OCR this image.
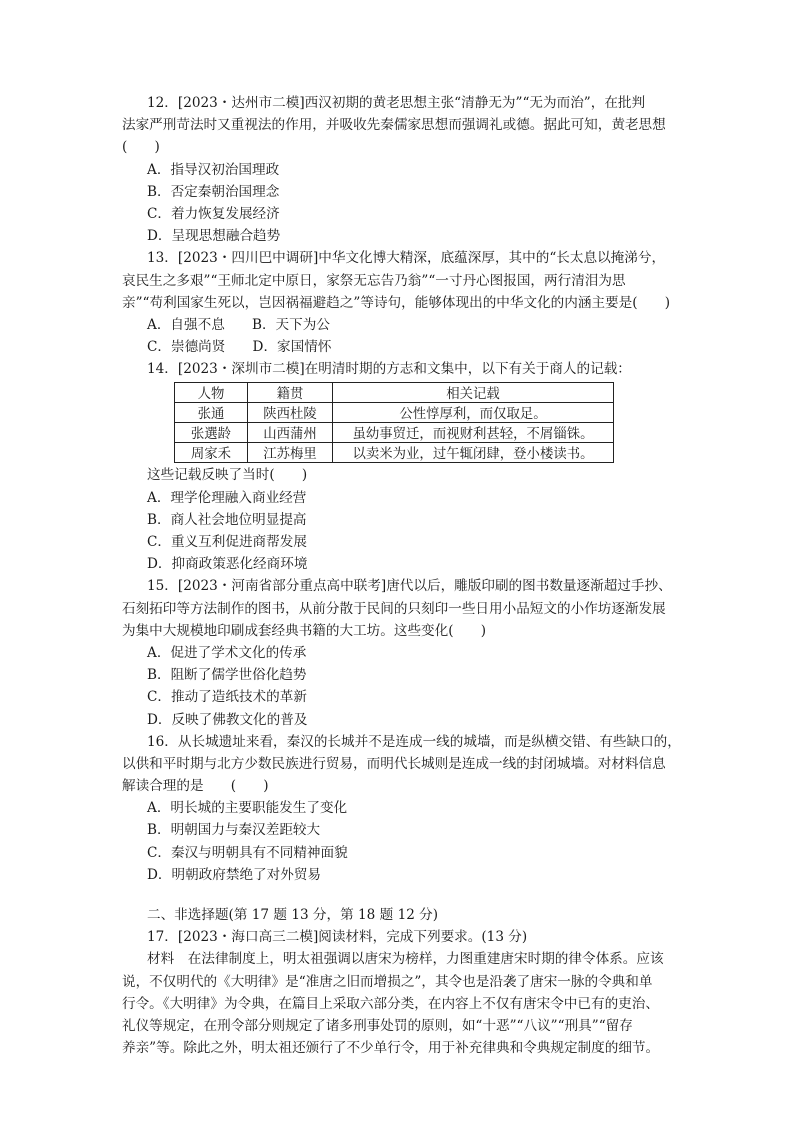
12．[2023・达州市二模]西汉初期的黄老思想主张“清静无为”“无为而治”，在批判
法家严刑苛法时又重视法的作用，并吸收先秦儒家思想而强调礼或德。据此可知，黄老思想
(　　)
A．指导汉初治国理政
B．否定秦朝治国理念
C．着力恢复发展经济
D．呈现思想融合趋势
13．[2023・四川巴中调研]中华文化博大精深，底蕴深厚，其中的“长太息以掩涕兮，
哀民生之多艰”“王师北定中原日，家祭无忘告乃翁”“一寸丹心图报国，两行清泪为思
亲”“苟利国家生死以，岂因祸福避趋之”等诗句，能够体现出的中华文化的内涵主要是(　　)
A．自强不息　　B．天下为公
C．崇德尚贤　　D．家国情怀
14．[2023・深圳市二模]在明清时期的方志和文集中，以下有关于商人的记载：
人物	籍贯	相关记载
张通	陕西杜陵	公性惇厚利，而仅取足。
张選龄	山西蒲州	虽幼事贸迁，而视财利甚轻，不屑锱铢。
周家禾	江苏梅里	以卖米为业，过午辄闭肆，登小楼读书。
这些记载反映了当时(　　)
A．理学伦理融入商业经营
B．商人社会地位明显提高
C．重义互利促进商帮发展
D．抑商政策恶化经商环境
15．[2023・河南省部分重点高中联考]唐代以后，雕版印刷的图书数量逐渐超过手抄、
石刻拓印等方法制作的图书，从前分散于民间的只刻印一些日用小品短文的小作坊逐渐发展
为集中大规模地印刷成套经典书籍的大工坊。这些变化(　　)
A．促进了学术文化的传承
B．阻断了儒学世俗化趋势
C．推动了造纸技术的革新
D．反映了佛教文化的普及
16．从长城遗址来看，秦汉的长城并不是连成一线的城墙，而是纵横交错、有些缺口的，
以供和平时期与北方少数民族进行贸易，而明代长城则是连成一线的封闭城墙。对材料信息
解读合理的是　　(　　)
A．明长城的主要职能发生了变化
B．明朝国力与秦汉差距较大
C．秦汉与明朝具有不同精神面貌
D．明朝政府禁绝了对外贸易
二、非选择题(第 17 题 13 分，第 18 题 12 分)
17．[2023・海口高三二模]阅读材料，完成下列要求。(13 分)
材料　在法律制度上，明太祖强调以唐宋为榜样，力图重建唐宋时期的律令体系。应该
说，不仅明代的《大明律》是“准唐之旧而增损之”，其令也是沿袭了唐宋一脉的令典和单
行令。《大明律》为令典，在篇目上采取六部分类，在内容上不仅有唐宋令中已有的吏治、
礼仪等规定，在刑令部分则规定了诸多刑事处罚的原则，如“十恶”“八议”“刑具”“留存
养亲”等。除此之外，明太祖还颁行了不少单行令，用于补充律典和令典规定制度的细节。
